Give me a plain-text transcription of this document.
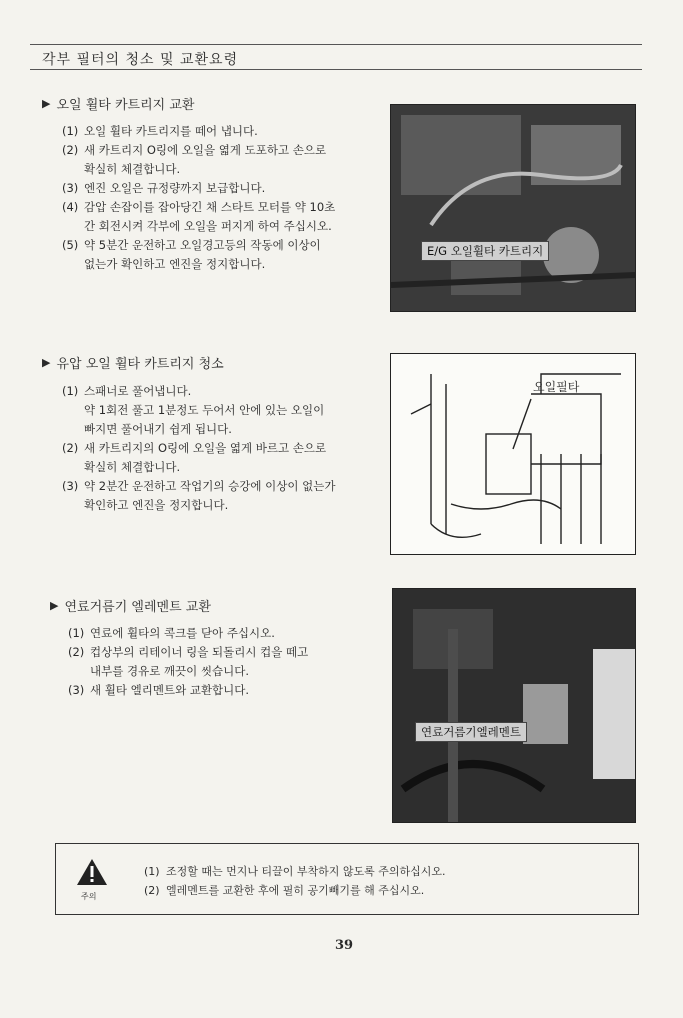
각부 필터의 청소 및 교환요령
▶ 오일 휠타 카트리지 교환
(1) 오일 휠타 카트리지를 떼어 냅니다.
(2) 새 카트리지 O링에 오일을 엷게 도포하고 손으로
확실히 체결합니다.
(3) 엔진 오일은 규정량까지 보급합니다.
(4) 감압 손잡이를 잡아당긴 채 스타트 모터를 약 10초
간 회전시켜 각부에 오일을 퍼지게 하여 주십시오.
(5) 약 5분간 운전하고 오일경고등의 작동에 이상이
없는가 확인하고 엔진을 정지합니다.
E/G 오일휠타 카트리지
▶ 유압 오일 휠타 카트리지 청소
(1) 스패너로 풀어냅니다.
약 1회전 풀고 1분정도 두어서 안에 있는 오일이
빠지면 풀어내기 쉽게 됩니다.
(2) 새 카트리지의 O링에 오일을 엷게 바르고 손으로
확실히 체결합니다.
(3) 약 2분간 운전하고 작업기의 승강에 이상이 없는가
확인하고 엔진을 정지합니다.
오일필타
▶ 연료거름기 엘레멘트 교환
(1) 연료에 휠타의 콕크를 닫아 주십시오.
(2) 컵상부의 리테이너 링을 되돌리시 컵을 떼고
내부를 경유로 깨끗이 씻습니다.
(3) 새 휠타 엘리멘트와 교환합니다.
연료거름기엘레멘트
주의
(1) 조정할 때는 먼지나 티끌이 부착하지 않도록 주의하십시오.
(2) 엘레멘트를 교환한 후에 필히 공기빼기를 해 주십시오.
39
